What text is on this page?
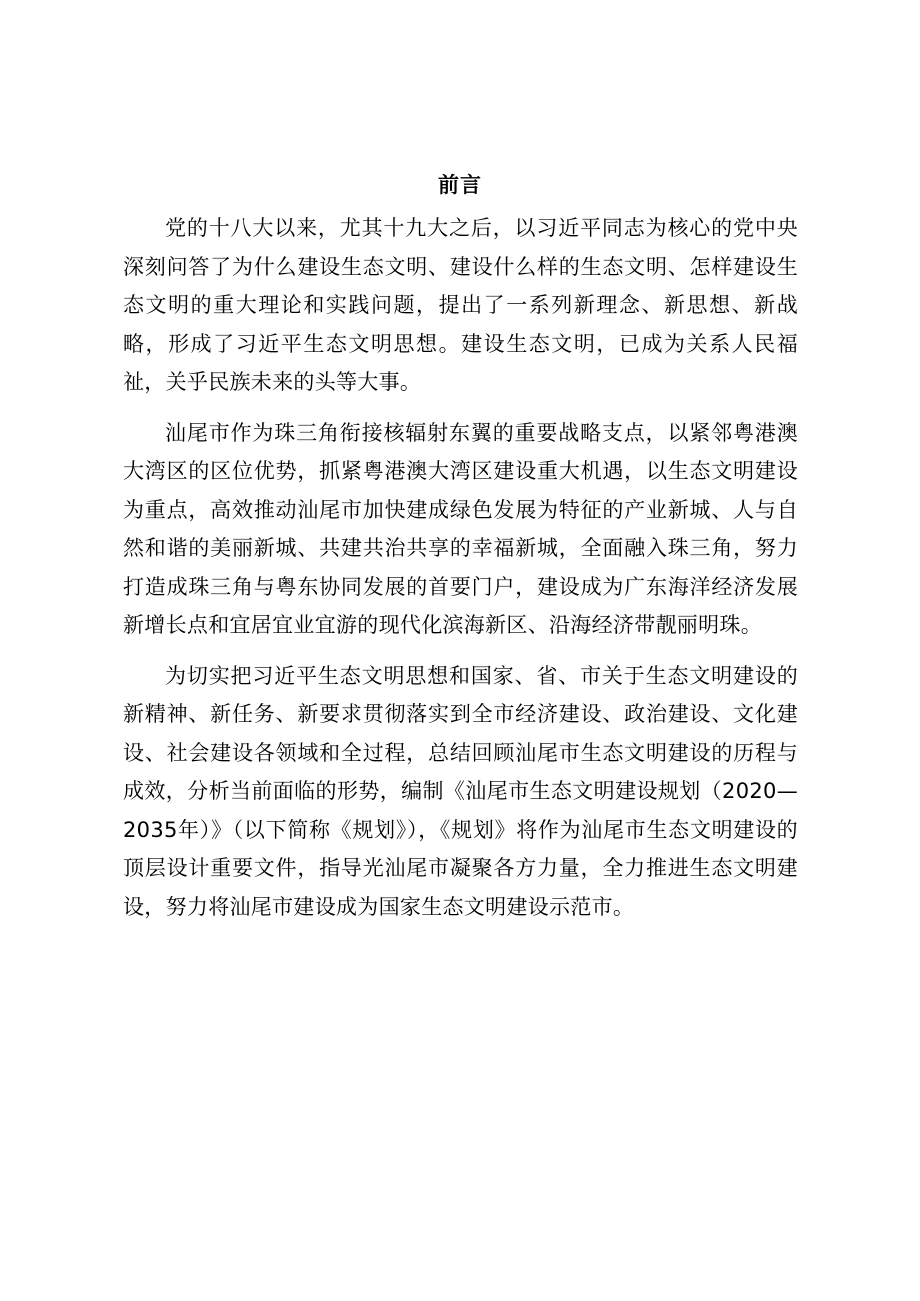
前言

党的十八大以来，尤其十九大之后，以习近平同志为核心的党中央深刻问答了为什么建设生态文明、建设什么样的生态文明、怎样建设生态文明的重大理论和实践问题，提出了一系列新理念、新思想、新战略，形成了习近平生态文明思想。建设生态文明，已成为关系人民福祉，关乎民族未来的头等大事。

汕尾市作为珠三角衔接核辐射东翼的重要战略支点，以紧邻粤港澳大湾区的区位优势，抓紧粤港澳大湾区建设重大机遇，以生态文明建设为重点，高效推动汕尾市加快建成绿色发展为特征的产业新城、人与自然和谐的美丽新城、共建共治共享的幸福新城，全面融入珠三角，努力打造成珠三角与粤东协同发展的首要门户，建设成为广东海洋经济发展新增长点和宜居宜业宜游的现代化滨海新区、沿海经济带靓丽明珠。

为切实把习近平生态文明思想和国家、省、市关于生态文明建设的新精神、新任务、新要求贯彻落实到全市经济建设、政治建设、文化建设、社会建设各领域和全过程，总结回顾汕尾市生态文明建设的历程与成效，分析当前面临的形势，编制《汕尾市生态文明建设规划（2020—2035年）》（以下简称《规划》），《规划》将作为汕尾市生态文明建设的顶层设计重要文件，指导光汕尾市凝聚各方力量，全力推进生态文明建设，努力将汕尾市建设成为国家生态文明建设示范市。
